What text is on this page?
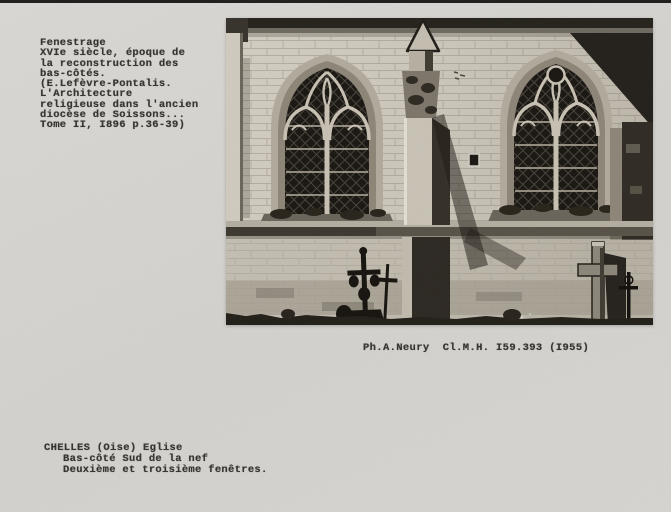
Fenestrage
XVIe siècle, époque de
la reconstruction des
bas-côtés.
(E.Lefèvre-Pontalis.
L'Architecture
religieuse dans l'ancien
diocèse de Soissons...
Tome II, I896 p.36-39)
Ph.A.Neury  Cl.M.H. I59.393 (I955)
CHELLES (Oise) Eglise
Bas-côté Sud de la nef
Deuxième et troisième fenêtres.
